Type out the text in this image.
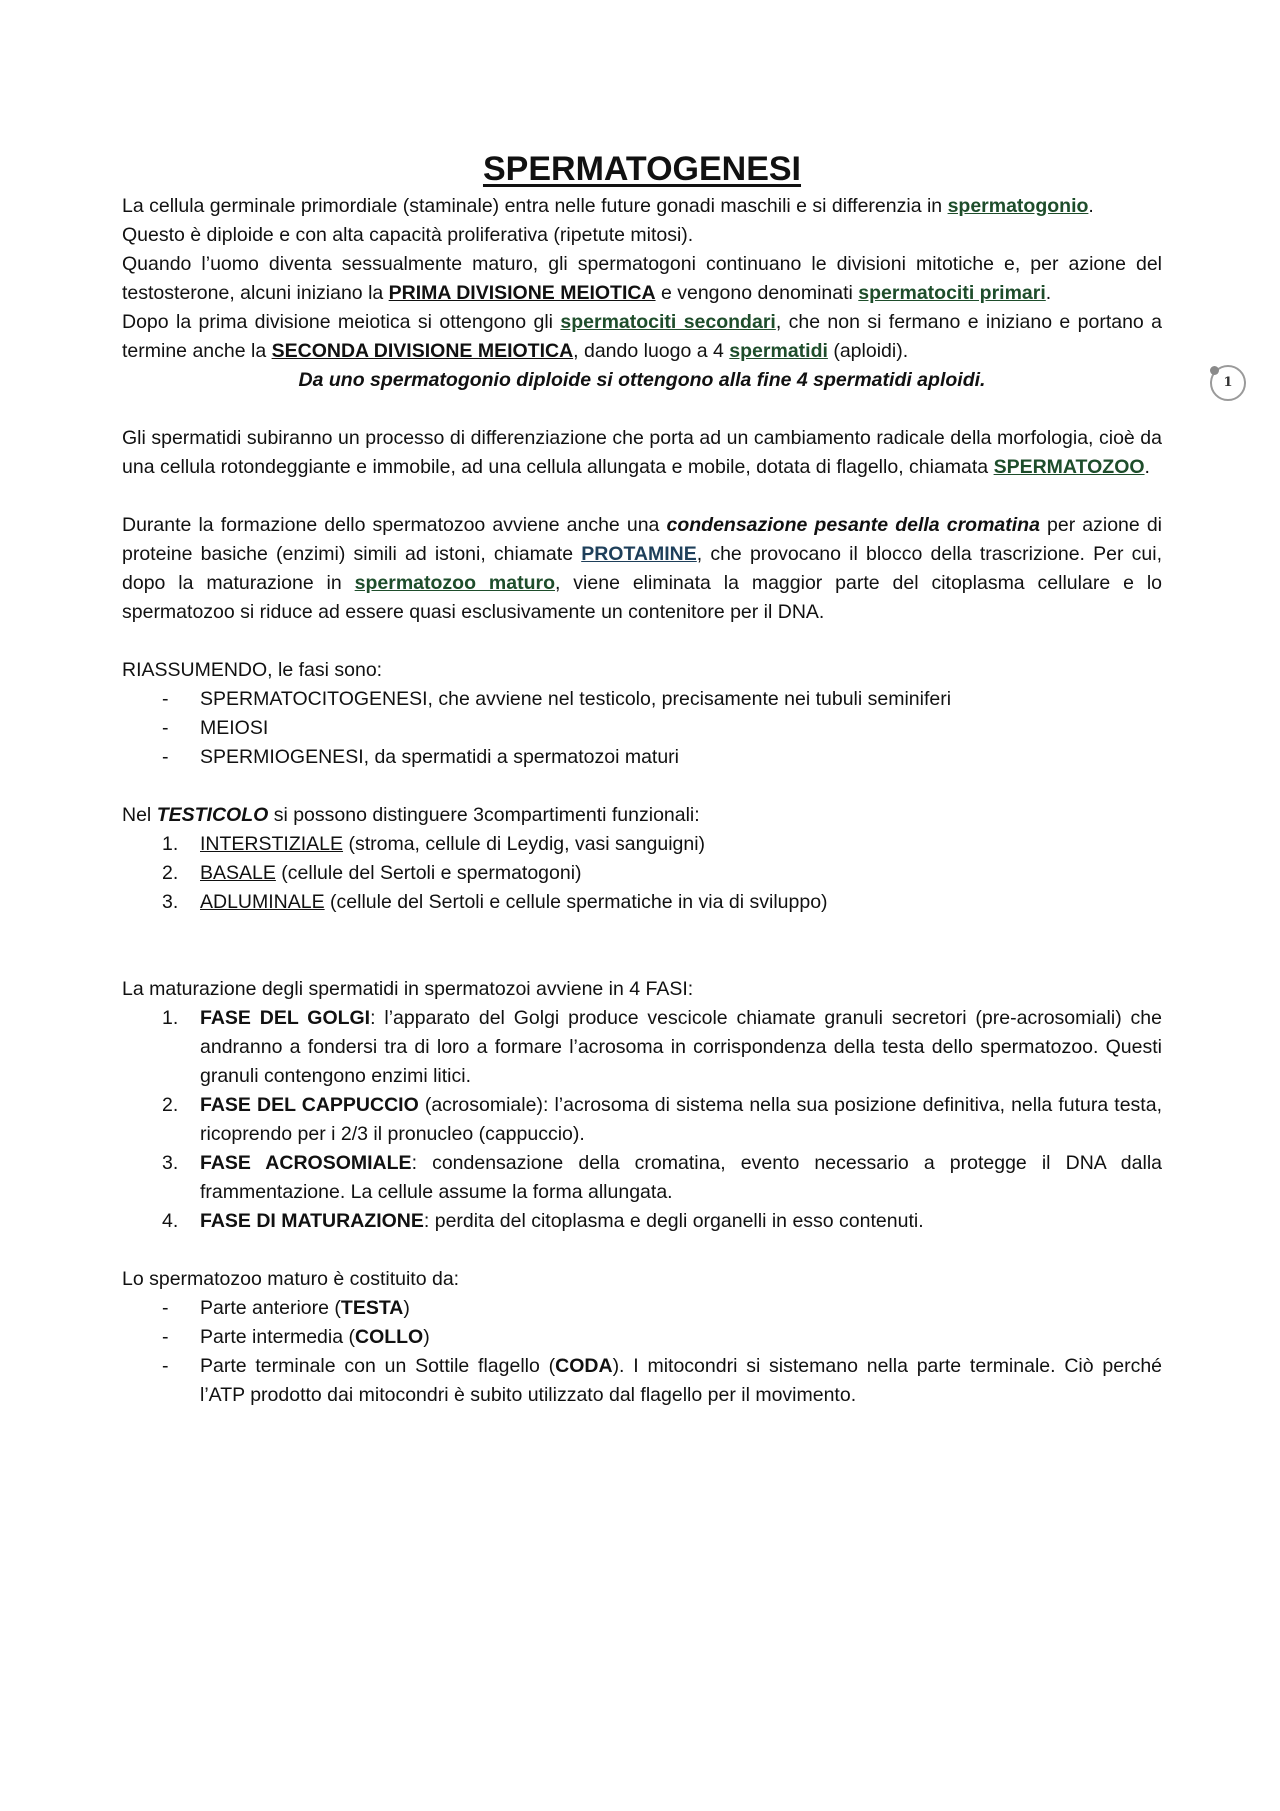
SPERMATOGENESI

La cellula germinale primordiale (staminale) entra nelle future gonadi maschili e si differenzia in spermatogonio.

Questo è diploide e con alta capacità proliferativa (ripetute mitosi).

Quando l’uomo diventa sessualmente maturo, gli spermatogoni continuano le divisioni mitotiche e, per azione del testosterone, alcuni iniziano la PRIMA DIVISIONE MEIOTICA e vengono denominati spermatociti primari.

Dopo la prima divisione meiotica si ottengono gli spermatociti secondari, che non si fermano e iniziano e portano a termine anche la SECONDA DIVISIONE MEIOTICA, dando luogo a 4 spermatidi (aploidi).

Da uno spermatogonio diploide si ottengono alla fine 4 spermatidi aploidi.

Gli spermatidi subiranno un processo di differenziazione che porta ad un cambiamento radicale della morfologia, cioè da una cellula rotondeggiante e immobile, ad una cellula allungata e mobile, dotata di flagello, chiamata SPERMATOZOO.

Durante la formazione dello spermatozoo avviene anche una condensazione pesante della cromatina per azione di proteine basiche (enzimi) simili ad istoni, chiamate PROTAMINE, che provocano il blocco della trascrizione. Per cui, dopo la maturazione in spermatozoo maturo, viene eliminata la maggior parte del citoplasma cellulare e lo spermatozoo si riduce ad essere quasi esclusivamente un contenitore per il DNA.

RIASSUMENDO, le fasi sono:

- SPERMATOCITOGENESI, che avviene nel testicolo, precisamente nei tubuli seminiferi
- MEIOSI
- SPERMIOGENESI, da spermatidi a spermatozoi maturi

Nel TESTICOLO si possono distinguere 3compartimenti funzionali:

1.	INTERSTIZIALE (stroma, cellule di Leydig, vasi sanguigni)
2.	BASALE (cellule del Sertoli e spermatogoni)
3.	ADLUMINALE (cellule del Sertoli e cellule spermatiche in via di sviluppo)

La maturazione degli spermatidi in spermatozoi avviene in 4 FASI:

1.	FASE DEL GOLGI: l’apparato del Golgi produce vescicole chiamate granuli secretori (pre-acrosomiali) che andranno a fondersi tra di loro a formare l’acrosoma in corrispondenza della testa dello spermatozoo. Questi granuli contengono enzimi litici.
2.	FASE DEL CAPPUCCIO (acrosomiale): l’acrosoma di sistema nella sua posizione definitiva, nella futura testa, ricoprendo per i 2/3 il pronucleo (cappuccio).
3.	FASE ACROSOMIALE: condensazione della cromatina, evento necessario a protegge il DNA dalla frammentazione. La cellule assume la forma allungata.
4.	FASE DI MATURAZIONE: perdita del citoplasma e degli organelli in esso contenuti.

Lo spermatozoo maturo è costituito da:

- Parte anteriore (TESTA)
- Parte intermedia (COLLO)
- Parte terminale con un Sottile flagello (CODA). I mitocondri si sistemano nella parte terminale. Ciò perché l’ATP prodotto dai mitocondri è subito utilizzato dal flagello per il movimento.
1
